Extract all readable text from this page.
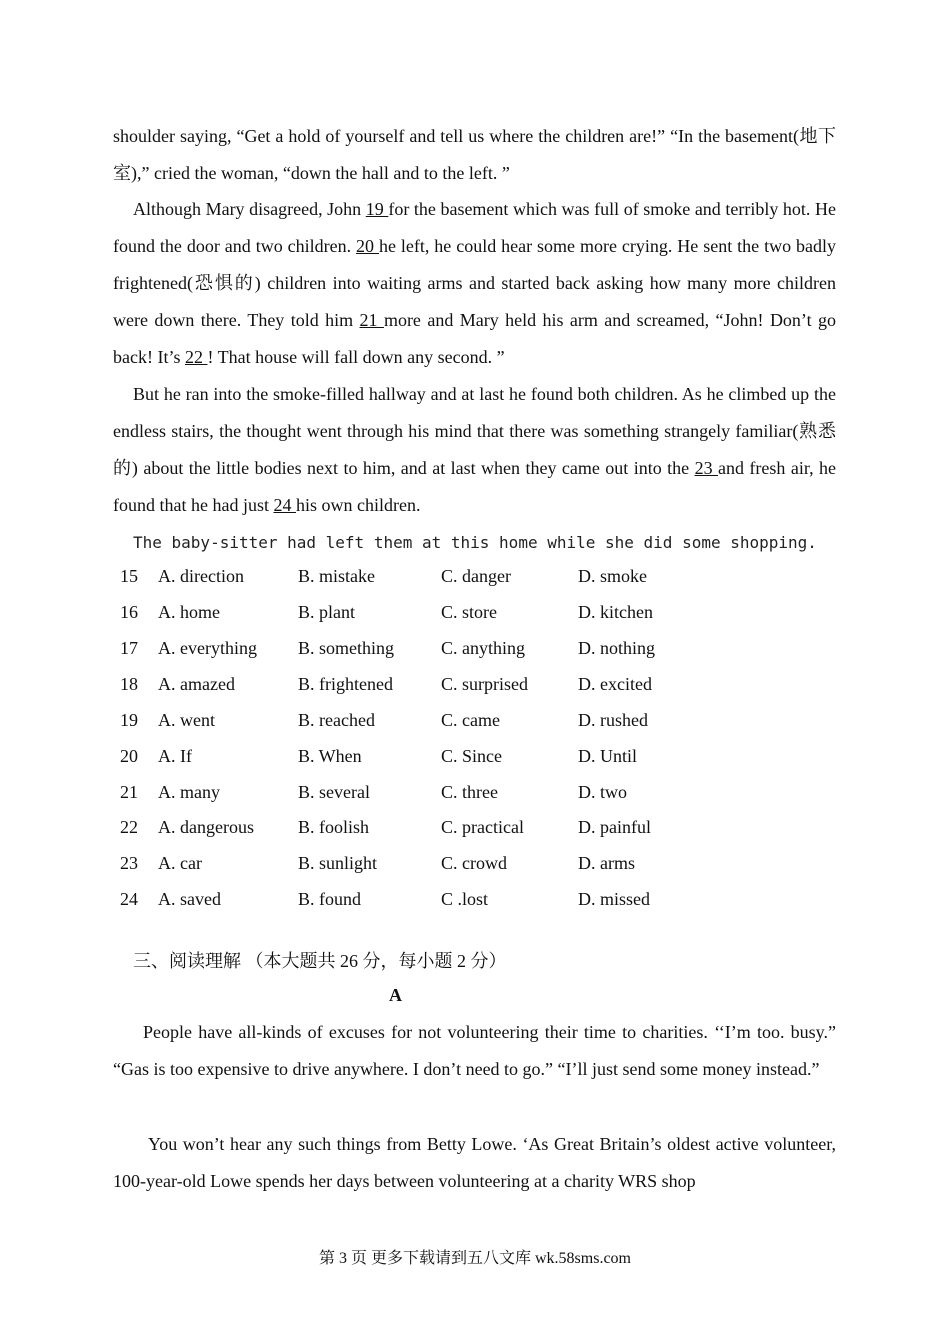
shoulder saying, “Get a hold of yourself and tell us where the children are!” “In the basement(地下室),” cried the woman, “down the hall and to the left. ”

Although Mary disagreed, John 19 for the basement which was full of smoke and terribly hot. He found the door and two children. 20 he left, he could hear some more crying. He sent the two badly frightened(恐惧的) children into waiting arms and started back asking how many more children were down there. They told him 21 more and Mary held his arm and screamed, “John! Don’t go back! It’s 22 ! That house will fall down any second. ”

But he ran into the smoke-filled hallway and at last he found both children. As he climbed up the endless stairs, the thought went through his mind that there was something strangely familiar(熟悉的) about the little bodies next to him, and at last when they came out into the 23 and fresh air, he found that he had just 24 his own children.

The baby-sitter had left them at this home while she did some shopping.
15 A. direction	B. mistake	C. danger	D. smoke
16 A. home	B. plant	C. store	D. kitchen
17 A. everything B. something	C. anything	D. nothing
18 A. amazed	B. frightened	C. surprised	D. excited
19 A. went	B. reached	C. came	D. rushed
20 A. If	B. When	C. Since	D. Until
21 A. many	B. several	C. three	D. two
22 A. dangerous B. foolish	C. practical	D. painful
23 A. car	B. sunlight	C. crowd	D. arms
24 A. saved	B. found	C .lost	D. missed
三、阅读理解 （本大题共 26 分，每小题 2 分）
A

People have all-kinds of excuses for not volunteering their time to charities. ‘‘I’m too. busy.” “Gas is too expensive to drive anywhere. I don’t need to go.” “I’ll just send some money instead.”

You won’t hear any such things from Betty Lowe. ‘As Great Britain’s oldest active volunteer, 100-year-old Lowe spends her days between volunteering at a charity WRS shop

第 3 页 更多下载请到五八文库 wk.58sms.com
